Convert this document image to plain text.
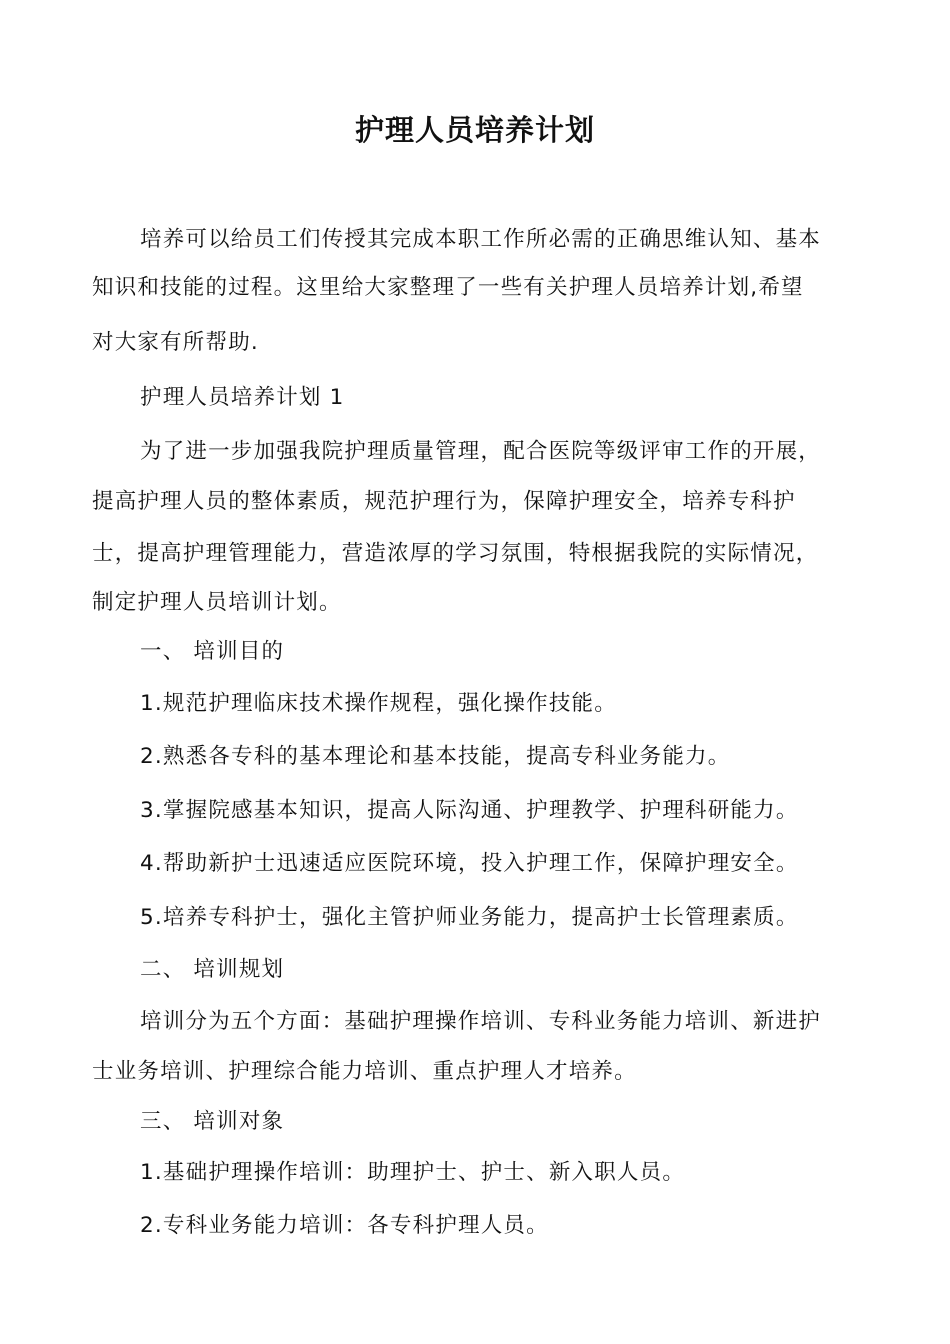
护理人员培养计划
培养可以给员工们传授其完成本职工作所必需的正确思维认知、基本
知识和技能的过程。这里给大家整理了一些有关护理人员培养计划,希望
对大家有所帮助.
护理人员培养计划 1
为了进一步加强我院护理质量管理，配合医院等级评审工作的开展，
提高护理人员的整体素质，规范护理行为，保障护理安全，培养专科护
士，提高护理管理能力，营造浓厚的学习氛围，特根据我院的实际情况，
制定护理人员培训计划。
一、 培训目的
1.规范护理临床技术操作规程，强化操作技能。
2.熟悉各专科的基本理论和基本技能，提高专科业务能力。
3.掌握院感基本知识，提高人际沟通、护理教学、护理科研能力。
4.帮助新护士迅速适应医院环境，投入护理工作，保障护理安全。
5.培养专科护士，强化主管护师业务能力，提高护士长管理素质。
二、 培训规划
培训分为五个方面：基础护理操作培训、专科业务能力培训、新进护
士业务培训、护理综合能力培训、重点护理人才培养。
三、 培训对象
1.基础护理操作培训：助理护士、护士、新入职人员。
2.专科业务能力培训：各专科护理人员。
